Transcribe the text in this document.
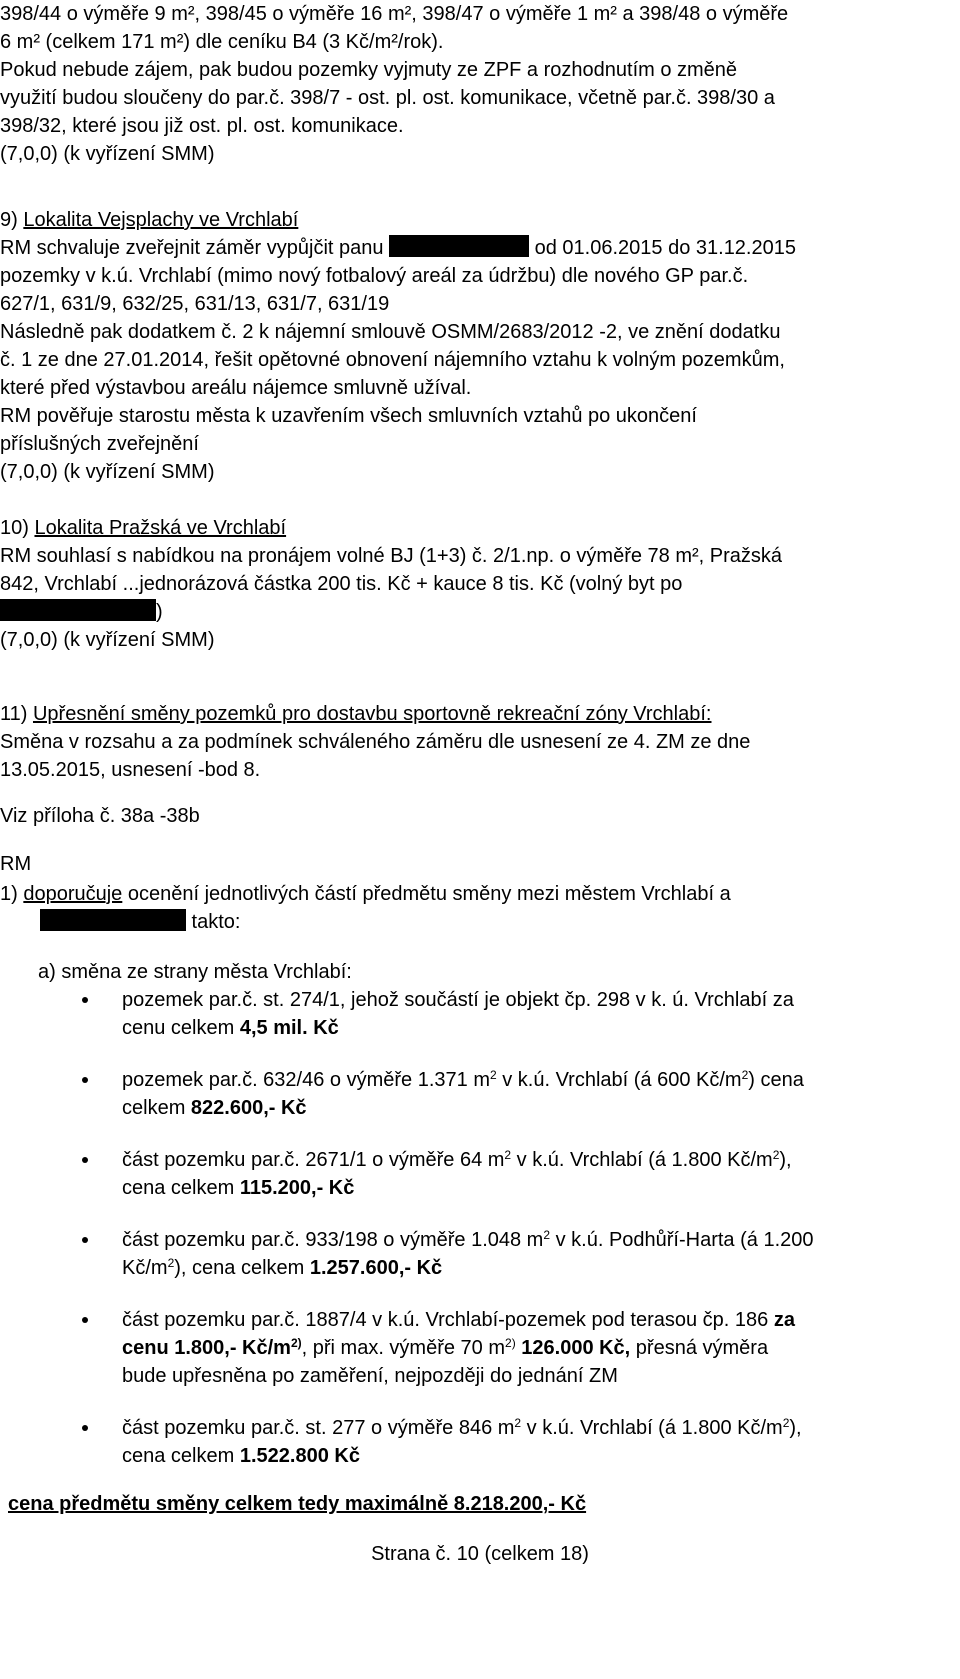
398/44 o výměře 9 m², 398/45 o výměře 16 m², 398/47 o výměře 1 m² a 398/48 o výměře
6 m² (celkem 171 m²) dle ceníku B4 (3 Kč/m²/rok).
Pokud nebude zájem, pak budou pozemky vyjmuty ze ZPF a rozhodnutím o změně
využití budou sloučeny do par.č. 398/7 - ost. pl. ost. komunikace, včetně par.č. 398/30 a
398/32, které jsou již ost. pl. ost. komunikace.
(7,0,0) (k vyřízení SMM)
9) Lokalita Vejsplachy ve Vrchlabí
RM schvaluje zveřejnit záměr vypůjčit panu	od 01.06.2015 do 31.12.2015
pozemky v k.ú. Vrchlabí (mimo nový fotbalový areál za údržbu) dle nového GP par.č.
627/1, 631/9, 632/25, 631/13, 631/7, 631/19
Následně pak dodatkem č. 2 k nájemní smlouvě OSMM/2683/2012 -2, ve znění dodatku
č. 1 ze dne 27.01.2014, řešit opětovné obnovení nájemního vztahu k volným pozemkům,
které před výstavbou areálu nájemce smluvně užíval.
RM pověřuje starostu města k uzavřením všech smluvních vztahů po ukončení
příslušných zveřejnění
(7,0,0) (k vyřízení SMM)
10) Lokalita Pražská ve Vrchlabí
RM souhlasí s nabídkou na pronájem volné BJ (1+3) č. 2/1.np. o výměře 78 m², Pražská
842, Vrchlabí ...jednorázová částka 200 tis. Kč + kauce 8 tis. Kč (volný byt po
)
(7,0,0) (k vyřízení SMM)
11) Upřesnění směny pozemků pro dostavbu sportovně rekreační zóny Vrchlabí:
Směna v rozsahu a za podmínek schváleného záměru dle usnesení ze 4. ZM ze dne
13.05.2015, usnesení -bod 8.
Viz příloha č. 38a -38b
RM
1) doporučuje ocenění jednotlivých částí předmětu směny mezi městem Vrchlabí a
takto:
a) směna ze strany města Vrchlabí:
pozemek par.č. st. 274/1, jehož součástí je objekt čp. 298 v k. ú. Vrchlabí za
cenu celkem 4,5 mil. Kč
pozemek par.č. 632/46 o výměře 1.371 $m^2$ v k.ú. Vrchlabí (á 600 $Kč/m^2$) cena
celkem 822.600,- Kč
část pozemku par.č. 2671/1 o výměře 64 $m^2$ v k.ú. Vrchlabí (á 1.800 $Kč/m^2$),
cena celkem 115.200,- Kč
část pozemku par.č. 933/198 o výměře 1.048 $m^2$ v k.ú. Podhůří-Harta (á 1.200
$Kč/m^2$), cena celkem 1.257.600,- Kč
část pozemku par.č. 1887/4 v k.ú. Vrchlabí-pozemek pod terasou čp. 186 za
cenu 1.800,- $Kč/m^{2)}$, při max. výměře 70 $m^{2)}$ 126.000 Kč, přesná výměra
bude upřesněna po zaměření, nejpozději do jednání ZM
část pozemku par.č. st. 277 o výměře 846 $m^2$ v k.ú. Vrchlabí (á 1.800 $Kč/m^2$),
cena celkem 1.522.800 Kč
cena předmětu směny celkem tedy maximálně 8.218.200,- Kč
Strana č. 10 (celkem 18)
